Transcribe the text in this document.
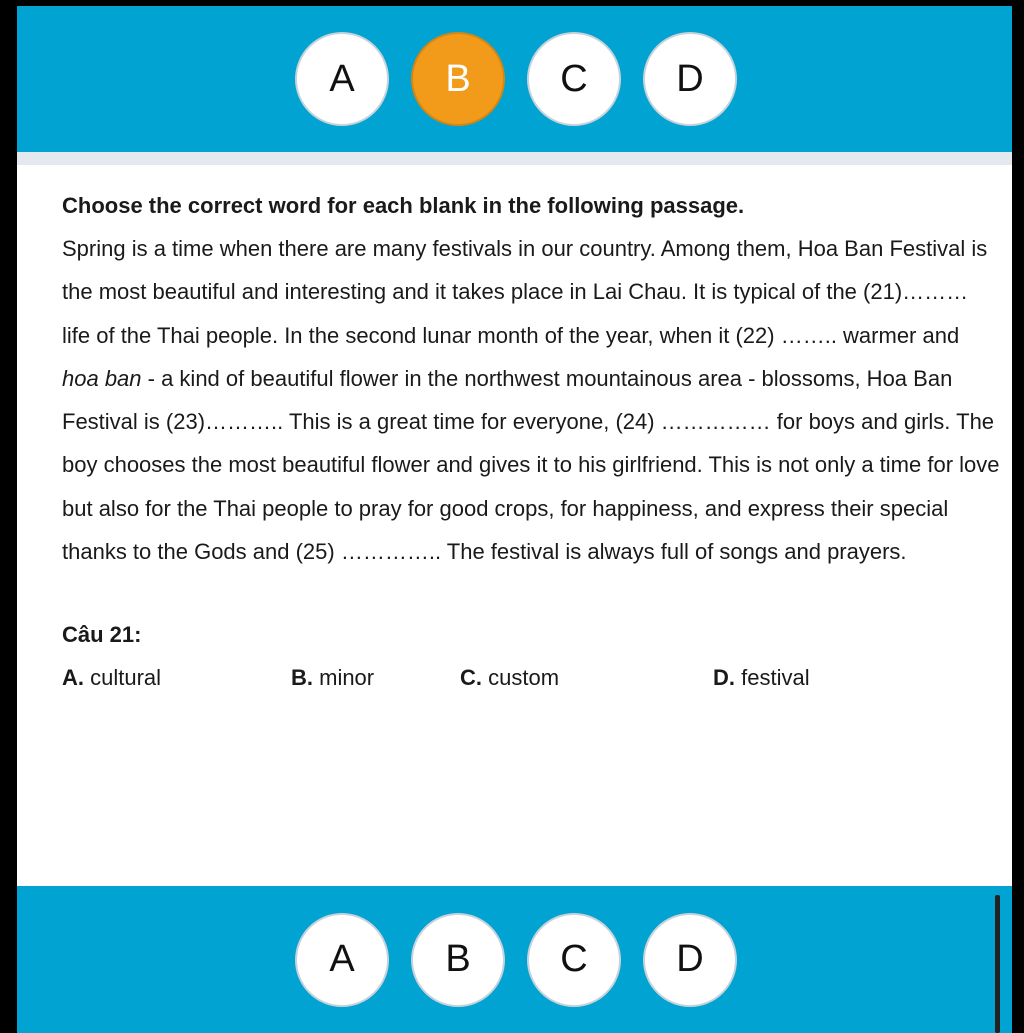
A	B	C	D

Choose the correct word for each blank in the following passage.

Spring is a time when there are many festivals in our country. Among them, Hoa Ban Festival is the most beautiful and interesting and it takes place in Lai Chau. It is typical of the (21)……… life of the Thai people. In the second lunar month of the year, when it (22) …….. warmer and hoa ban - a kind of beautiful flower in the northwest mountainous area - blossoms, Hoa Ban Festival is (23)……….. This is a great time for everyone, (24) …………… for boys and girls. The boy chooses the most beautiful flower and gives it to his girlfriend. This is not only a time for love but also for the Thai people to pray for good crops, for happiness, and express their special thanks to the Gods and (25) ………….. The festival is always full of songs and prayers.

Câu 21:

A. cultural	B. minor	C. custom	D. festival
A	B	C	D
